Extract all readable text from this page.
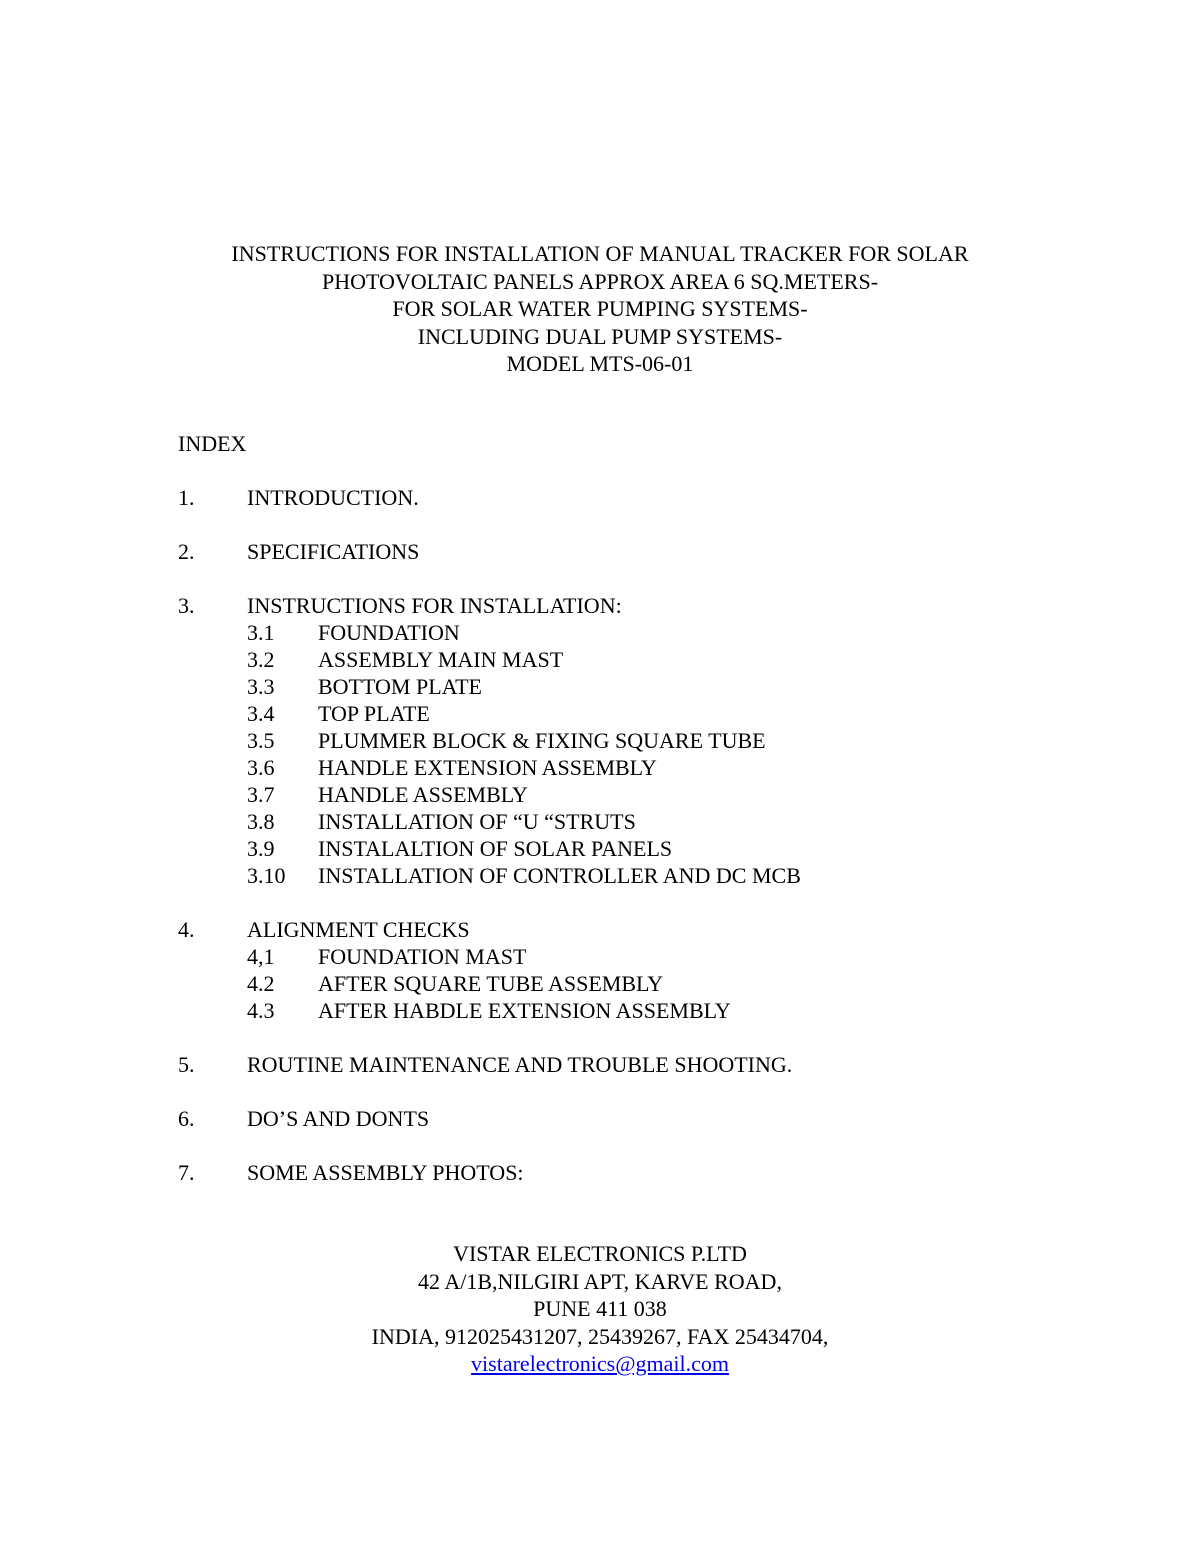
INSTRUCTIONS FOR INSTALLATION OF MANUAL TRACKER FOR SOLAR
PHOTOVOLTAIC PANELS APPROX AREA 6 SQ.METERS-
FOR SOLAR WATER PUMPING SYSTEMS-
INCLUDING DUAL PUMP SYSTEMS-
MODEL MTS-06-01
INDEX
1. INTRODUCTION.
2. SPECIFICATIONS
3. INSTRUCTIONS FOR INSTALLATION:
3.1 FOUNDATION
3.2 ASSEMBLY MAIN MAST
3.3 BOTTOM PLATE
3.4 TOP PLATE
3.5 PLUMMER BLOCK & FIXING SQUARE TUBE
3.6 HANDLE EXTENSION ASSEMBLY
3.7 HANDLE ASSEMBLY
3.8 INSTALLATION OF “U “STRUTS
3.9 INSTALALTION OF SOLAR PANELS
3.10 INSTALLATION OF CONTROLLER AND DC MCB
4. ALIGNMENT CHECKS
4,1 FOUNDATION MAST
4.2 AFTER SQUARE TUBE ASSEMBLY
4.3 AFTER HABDLE EXTENSION ASSEMBLY
5. ROUTINE MAINTENANCE AND TROUBLE SHOOTING.
6. DO’S AND DONTS
7. SOME ASSEMBLY PHOTOS:
VISTAR ELECTRONICS P.LTD
42 A/1B,NILGIRI APT, KARVE ROAD,
PUNE 411 038
INDIA, 912025431207, 25439267, FAX 25434704,
vistarelectronics@gmail.com
